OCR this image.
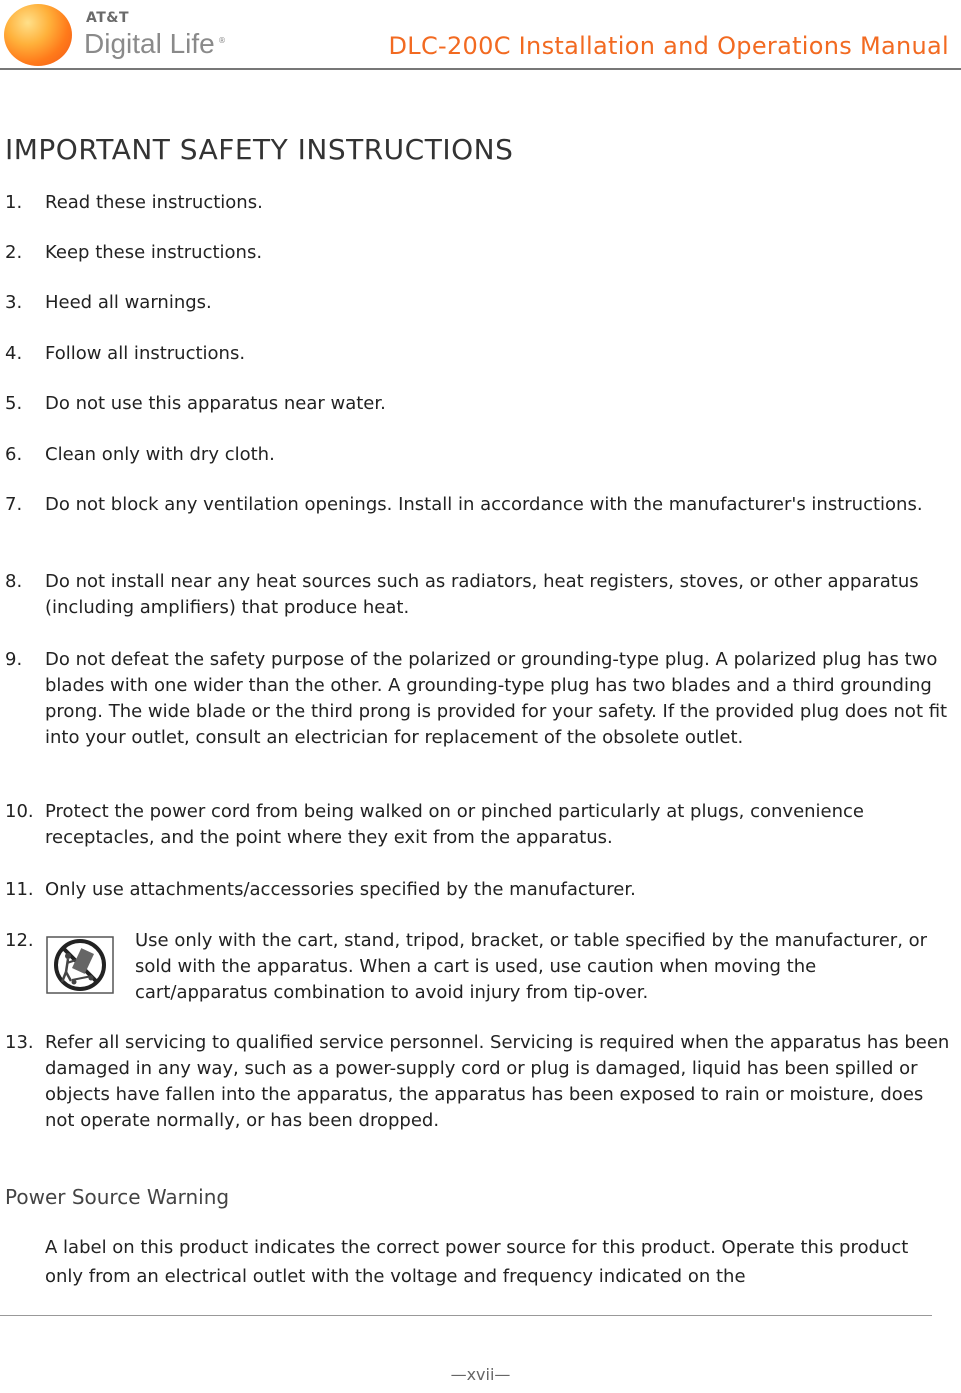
AT&T
Digital Life ®	DLC-200C Installation and Operations Manual
IMPORTANT SAFETY INSTRUCTIONS
1. Read these instructions.
2. Keep these instructions.
3. Heed all warnings.
4. Follow all instructions.
5. Do not use this apparatus near water.
6. Clean only with dry cloth.
7. Do not block any ventilation openings. Install in accordance with the manufacturer's instructions.
8. Do not install near any heat sources such as radiators, heat registers, stoves, or other apparatus (including amplifiers) that produce heat.
9. Do not defeat the safety purpose of the polarized or grounding-type plug. A polarized plug has two blades with one wider than the other. A grounding-type plug has two blades and a third grounding prong. The wide blade or the third prong is provided for your safety. If the provided plug does not fit into your outlet, consult an electrician for replacement of the obsolete outlet.
10. Protect the power cord from being walked on or pinched particularly at plugs, convenience receptacles, and the point where they exit from the apparatus.
11. Only use attachments/accessories specified by the manufacturer.
12.	Use only with the cart, stand, tripod, bracket, or table specified by the manufacturer, or sold with the apparatus. When a cart is used, use caution when moving the cart/apparatus combination to avoid injury from tip-over.
13. Refer all servicing to qualified service personnel. Servicing is required when the apparatus has been damaged in any way, such as a power-supply cord or plug is damaged, liquid has been spilled or objects have fallen into the apparatus, the apparatus has been exposed to rain or moisture, does not operate normally, or has been dropped.
Power Source Warning

A label on this product indicates the correct power source for this product. Operate this product only from an electrical outlet with the voltage and frequency indicated on the

—xvii—
